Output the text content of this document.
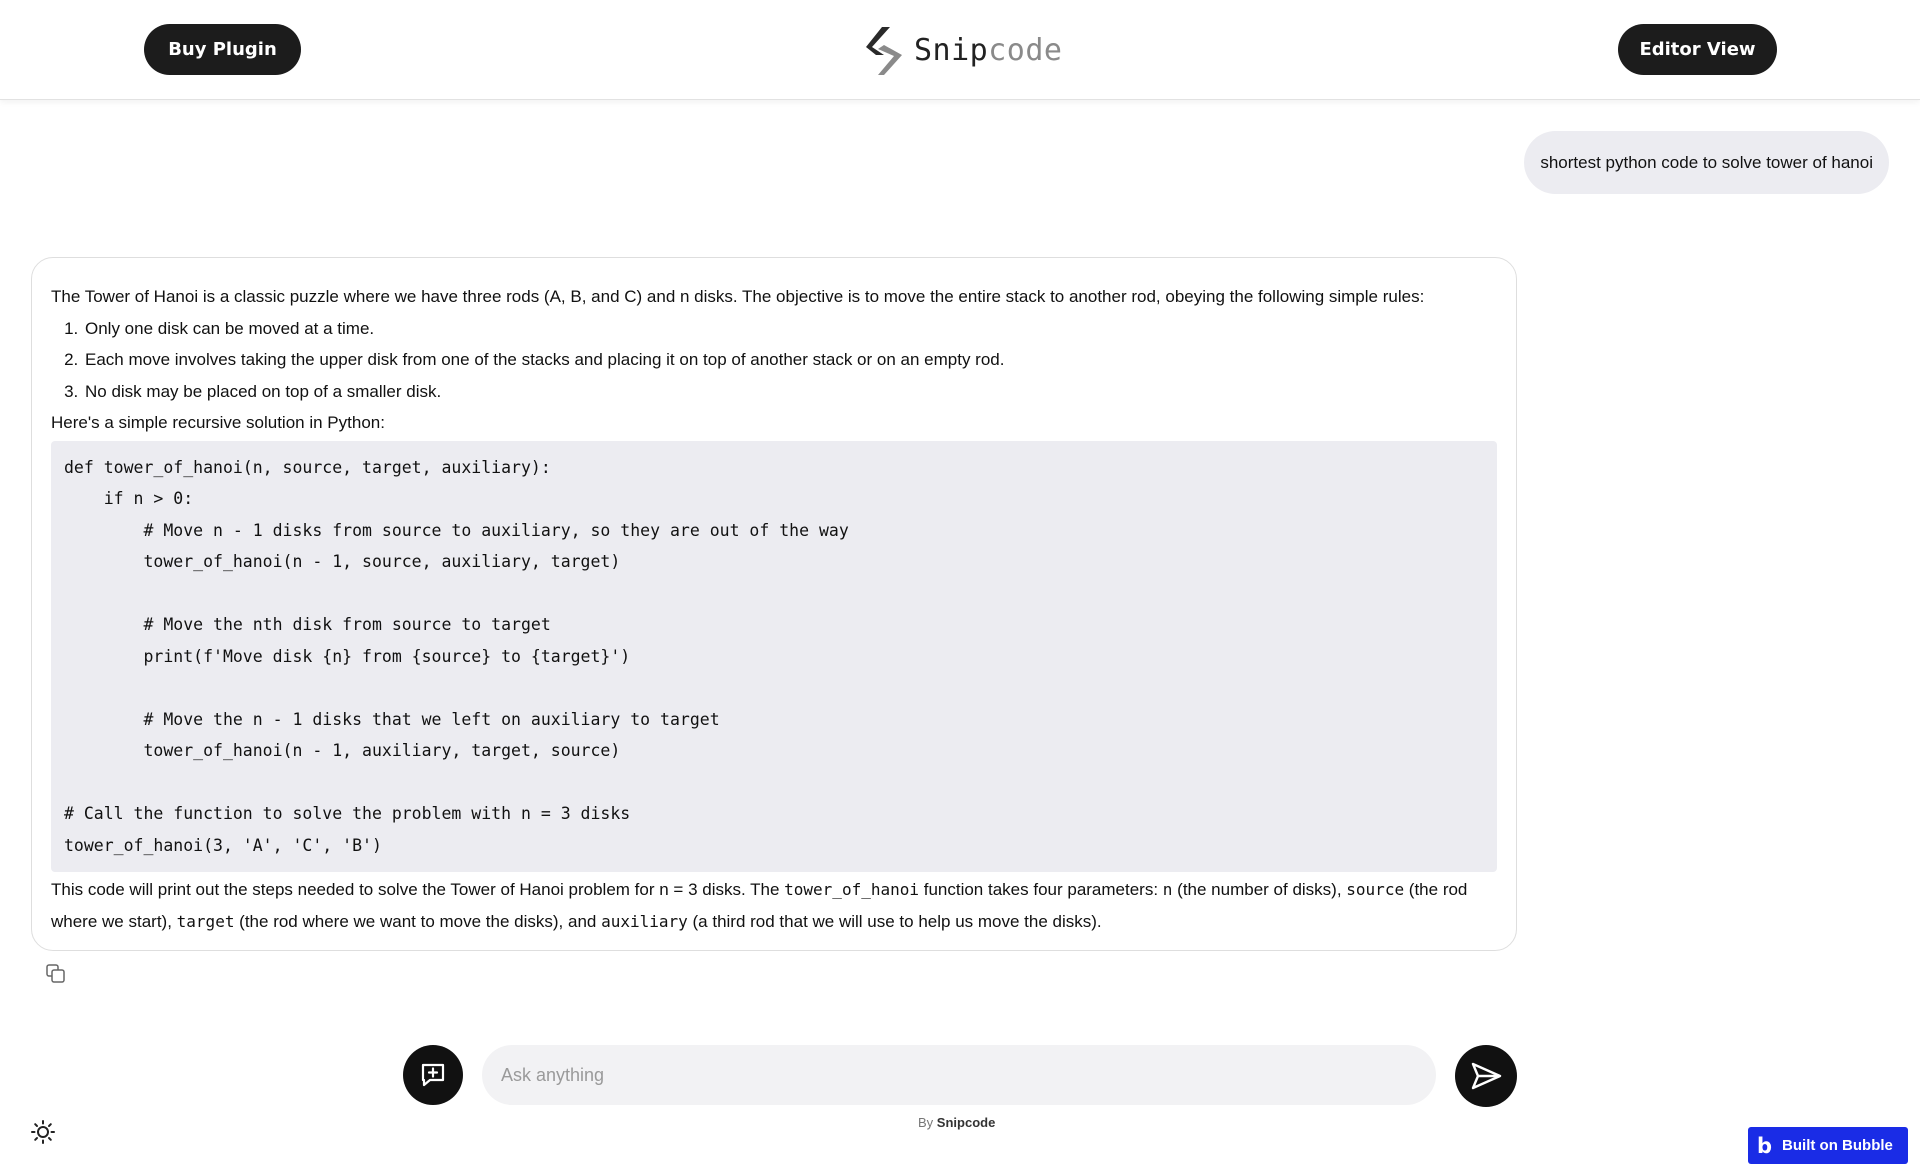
Buy Plugin	Snipcode	Editor View
shortest python code to solve tower of hanoi

The Tower of Hanoi is a classic puzzle where we have three rods (A, B, and C) and n disks. The objective is to move the entire stack to another rod, obeying the following simple rules:

1. Only one disk can be moved at a time.
2. Each move involves taking the upper disk from one of the stacks and placing it on top of another stack or on an empty rod.
3. No disk may be placed on top of a smaller disk.

Here's a simple recursive solution in Python:

def tower_of_hanoi(n, source, target, auxiliary):
if n > 0:
# Move n - 1 disks from source to auxiliary, so they are out of the way
tower_of_hanoi(n - 1, source, auxiliary, target)
# Move the nth disk from source to target
print(f'Move disk {n} from {source} to {target}')
# Move the n - 1 disks that we left on auxiliary to target
tower_of_hanoi(n - 1, auxiliary, target, source)
# Call the function to solve the problem with n = 3 disks
tower_of_hanoi(3, 'A', 'C', 'B')

This code will print out the steps needed to solve the Tower of Hanoi problem for n = 3 disks. The tower_of_hanoi function takes four parameters: n (the number of disks), source (the rod where we start), target (the rod where we want to move the disks), and auxiliary (a third rod that we will use to help us move the disks).

Ask anything
By Snipcode
b Built on Bubble
